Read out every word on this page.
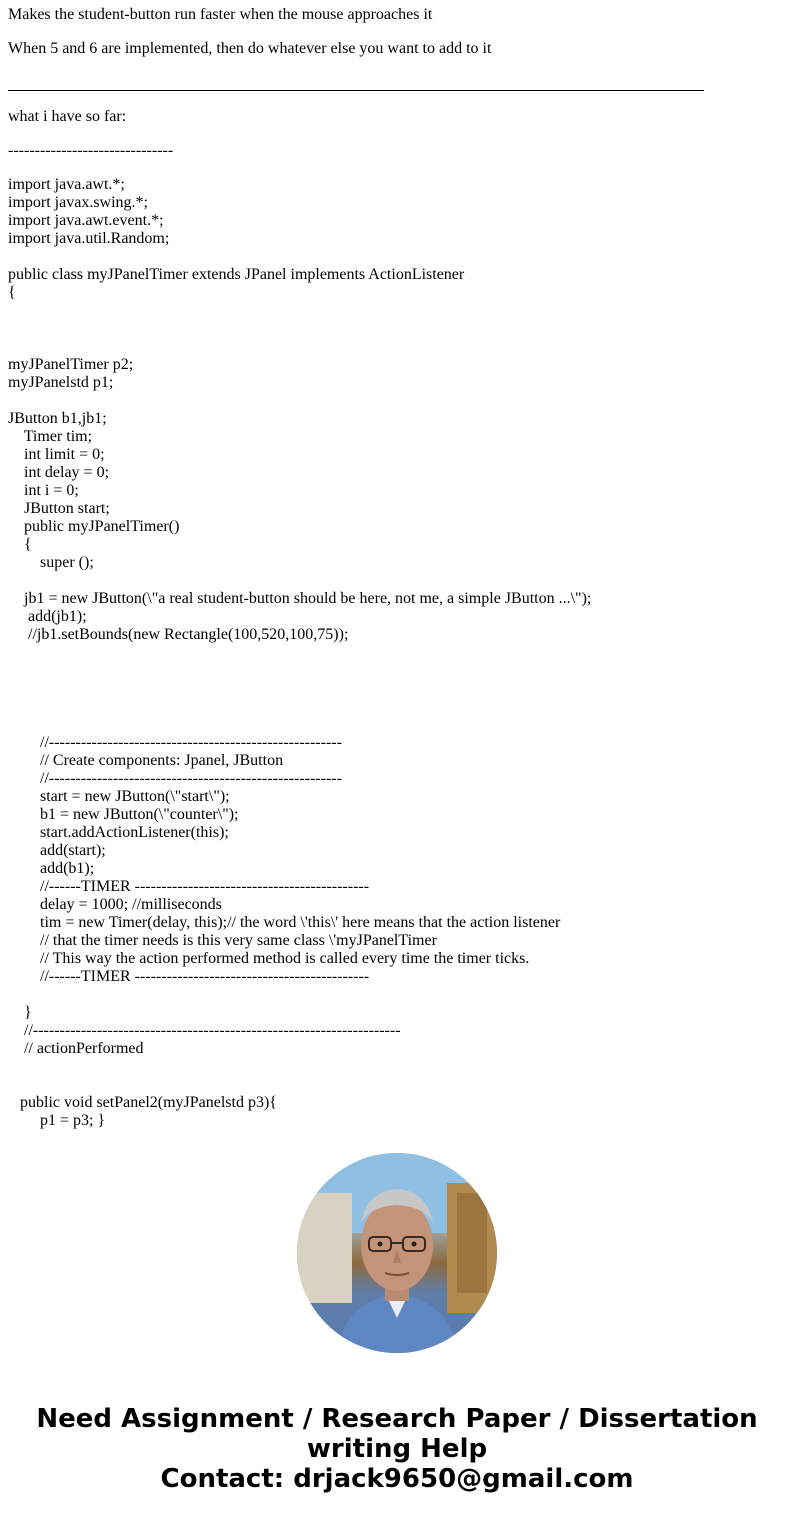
Makes the student-button run faster when the mouse approaches it

When 5 and 6 are implemented, then do whatever else you want to add to it

what i have so far:

-------------------------------

import java.awt.*;
import javax.swing.*;
import java.awt.event.*;
import java.util.Random;
public class myJPanelTimer extends JPanel implements ActionListener
{
myJPanelTimer p2;
myJPanelstd p1;
JButton b1,jb1;
Timer tim;
int limit = 0;
int delay = 0;
int i = 0;
JButton start;
public myJPanelTimer()
{
super ();
jb1 = new JButton(\"a real student-button should be here, not me, a simple JButton ...\");
add(jb1);
//jb1.setBounds(new Rectangle(100,520,100,75));
//-------------------------------------------------------
// Create components: Jpanel, JButton
//-------------------------------------------------------
start = new JButton(\"start\");
b1 = new JButton(\"counter\");
start.addActionListener(this);
add(start);
add(b1);
//------TIMER --------------------------------------------
delay = 1000; //milliseconds
tim = new Timer(delay, this);// the word \'this\' here means that the action listener
// that the timer needs is this very same class \'myJPanelTimer
// This way the action performed method is called every time the timer ticks.
//------TIMER --------------------------------------------
}
//---------------------------------------------------------------------
// actionPerformed
public void setPanel2(myJPanelstd p3){
p1 = p3; }
Need Assignment / Research Paper / Dissertation
writing Help
Contact: drjack9650@gmail.com
